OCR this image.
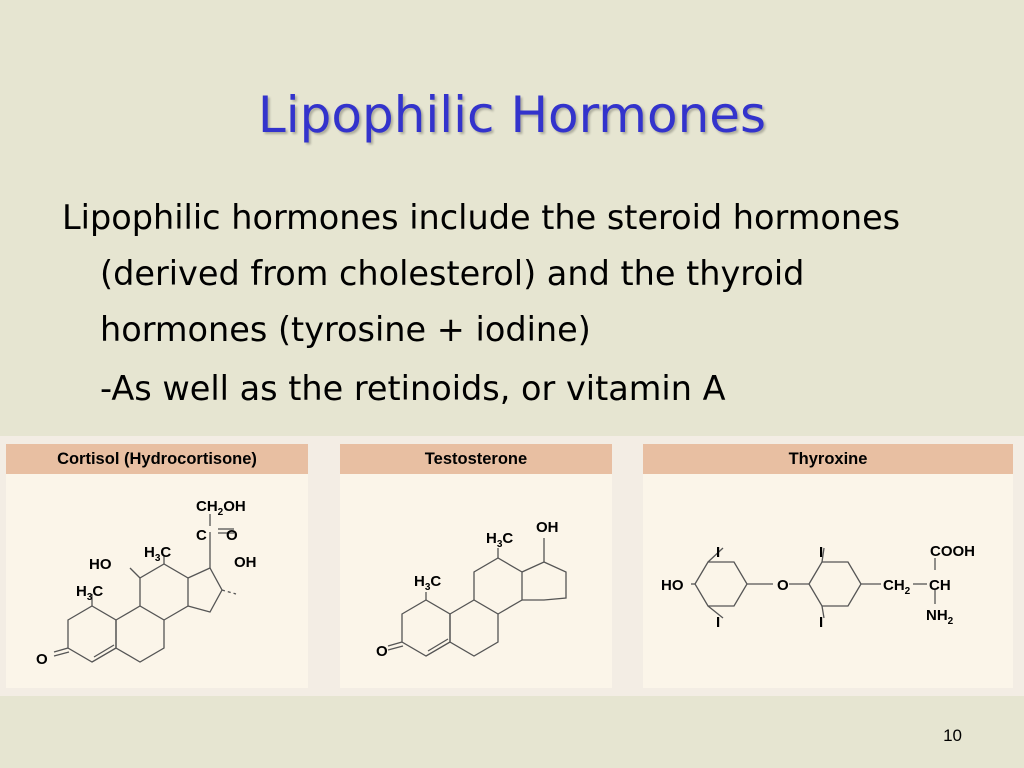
Lipophilic Hormones

Lipophilic hormones include the steroid hormones (derived from cholesterol) and the thyroid hormones (tyrosine + iodine)

-As well as the retinoids, or vitamin A

Cortisol (Hydrocortisone)
$CH_2OH$
C O
$H_3C$
HO	OH
$H_3C$
O
Testosterone
OH
$H_3C$
$H_3C$
O
Thyroxine
I	I
I	I
HO	O	$CH_2$ CH
COOH
$NH_2$
10
